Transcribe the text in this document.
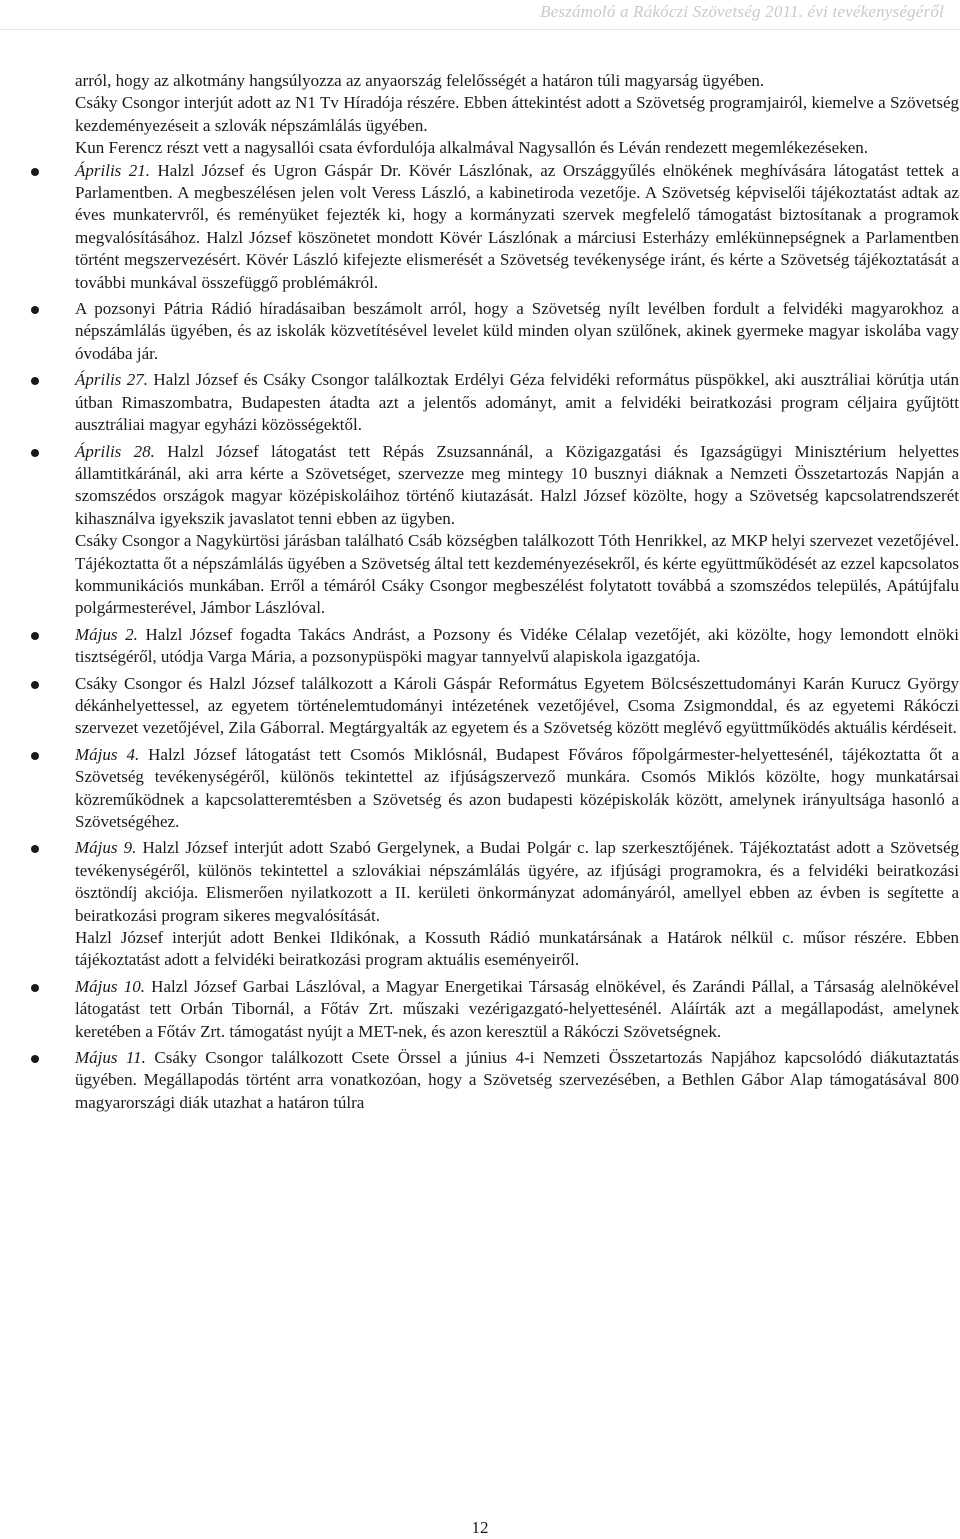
Beszámoló a Rákóczi Szövetség 2011. évi tevékenységéről

arról, hogy az alkotmány hangsúlyozza az anyaország felelősségét a határon túli magyarság ügyében.

Csáky Csongor interjút adott az N1 Tv Híradója részére. Ebben áttekintést adott a Szövetség programjairól, kiemelve a Szövetség kezdeményezéseit a szlovák népszámlálás ügyében.

Kun Ferencz részt vett a nagysallói csata évfordulója alkalmával Nagysallón és Léván rendezett megemlékezéseken.

Április 21. Halzl József és Ugron Gáspár Dr. Kövér Lászlónak, az Országgyűlés elnökének meghívására látogatást tettek a Parlamentben. A megbeszélésen jelen volt Veress László, a kabinetiroda vezetője. A Szövetség képviselői tájékoztatást adtak az éves munkatervről, és reményüket fejezték ki, hogy a kormányzati szervek megfelelő támogatást biztosítanak a programok megvalósításához. Halzl József köszönetet mondott Kövér Lászlónak a márciusi Esterházy emlékünnepségnek a Parlamentben történt megszervezésért. Kövér László kifejezte elismerését a Szövetség tevékenysége iránt, és kérte a Szövetség tájékoztatását a további munkával összefüggő problémákról.

A pozsonyi Pátria Rádió híradásaiban beszámolt arról, hogy a Szövetség nyílt levélben fordult a felvidéki magyarokhoz a népszámlálás ügyében, és az iskolák közvetítésével levelet küld minden olyan szülőnek, akinek gyermeke magyar iskolába vagy óvodába jár.

Április 27. Halzl József és Csáky Csongor találkoztak Erdélyi Géza felvidéki református püspökkel, aki ausztráliai körútja után útban Rimaszombatra, Budapesten átadta azt a jelentős adományt, amit a felvidéki beiratkozási program céljaira gyűjtött ausztráliai magyar egyházi közösségektől.

Április 28. Halzl József látogatást tett Répás Zsuzsannánál, a Közigazgatási és Igazságügyi Minisztérium helyettes államtitkáránál, aki arra kérte a Szövetséget, szervezze meg mintegy 10 busznyi diáknak a Nemzeti Összetartozás Napján a szomszédos országok magyar középiskoláihoz történő kiutazását. Halzl József közölte, hogy a Szövetség kapcsolatrendszerét kihasználva igyekszik javaslatot tenni ebben az ügyben.

Csáky Csongor a Nagykürtösi járásban található Csáb községben találkozott Tóth Henrikkel, az MKP helyi szervezet vezetőjével. Tájékoztatta őt a népszámlálás ügyében a Szövetség által tett kezdeményezésekről, és kérte együttműködését az ezzel kapcsolatos kommunikációs munkában. Erről a témáról Csáky Csongor megbeszélést folytatott továbbá a szomszédos település, Apátújfalu polgármesterével, Jámbor Lászlóval.

Május 2. Halzl József fogadta Takács Andrást, a Pozsony és Vidéke Célalap vezetőjét, aki közölte, hogy lemondott elnöki tisztségéről, utódja Varga Mária, a pozsonypüspöki magyar tannyelvű alapiskola igazgatója.

Csáky Csongor és Halzl József találkozott a Károli Gáspár Református Egyetem Bölcsészettudományi Karán Kurucz György dékánhelyettessel, az egyetem történelemtudományi intézetének vezetőjével, Csoma Zsigmonddal, és az egyetemi Rákóczi szervezet vezetőjével, Zila Gáborral. Megtárgyalták az egyetem és a Szövetség között meglévő együttműködés aktuális kérdéseit.

Május 4. Halzl József látogatást tett Csomós Miklósnál, Budapest Főváros főpolgármester-helyettesénél, tájékoztatta őt a Szövetség tevékenységéről, különös tekintettel az ifjúságszervező munkára. Csomós Miklós közölte, hogy munkatársai közreműködnek a kapcsolatteremtésben a Szövetség és azon budapesti középiskolák között, amelynek irányultsága hasonló a Szövetségéhez.

Május 9. Halzl József interjút adott Szabó Gergelynek, a Budai Polgár c. lap szerkesztőjének. Tájékoztatást adott a Szövetség tevékenységéről, különös tekintettel a szlovákiai népszámlálás ügyére, az ifjúsági programokra, és a felvidéki beiratkozási ösztöndíj akciója. Elismerően nyilatkozott a II. kerületi önkormányzat adományáról, amellyel ebben az évben is segítette a beiratkozási program sikeres megvalósítását.

Halzl József interjút adott Benkei Ildikónak, a Kossuth Rádió munkatársának a Határok nélkül c. műsor részére. Ebben tájékoztatást adott a felvidéki beiratkozási program aktuális eseményeiről.

Május 10. Halzl József Garbai Lászlóval, a Magyar Energetikai Társaság elnökével, és Zarándi Pállal, a Társaság alelnökével látogatást tett Orbán Tibornál, a Főtáv Zrt. műszaki vezérigazgató-helyettesénél. Aláírták azt a megállapodást, amelynek keretében a Főtáv Zrt. támogatást nyújt a MET-nek, és azon keresztül a Rákóczi Szövetségnek.

Május 11. Csáky Csongor találkozott Csete Örssel a június 4-i Nemzeti Összetartozás Napjához kapcsolódó diákutaztatás ügyében. Megállapodás történt arra vonatkozóan, hogy a Szövetség szervezésében, a Bethlen Gábor Alap támogatásával 800 magyarországi diák utazhat a határon túlra

12
